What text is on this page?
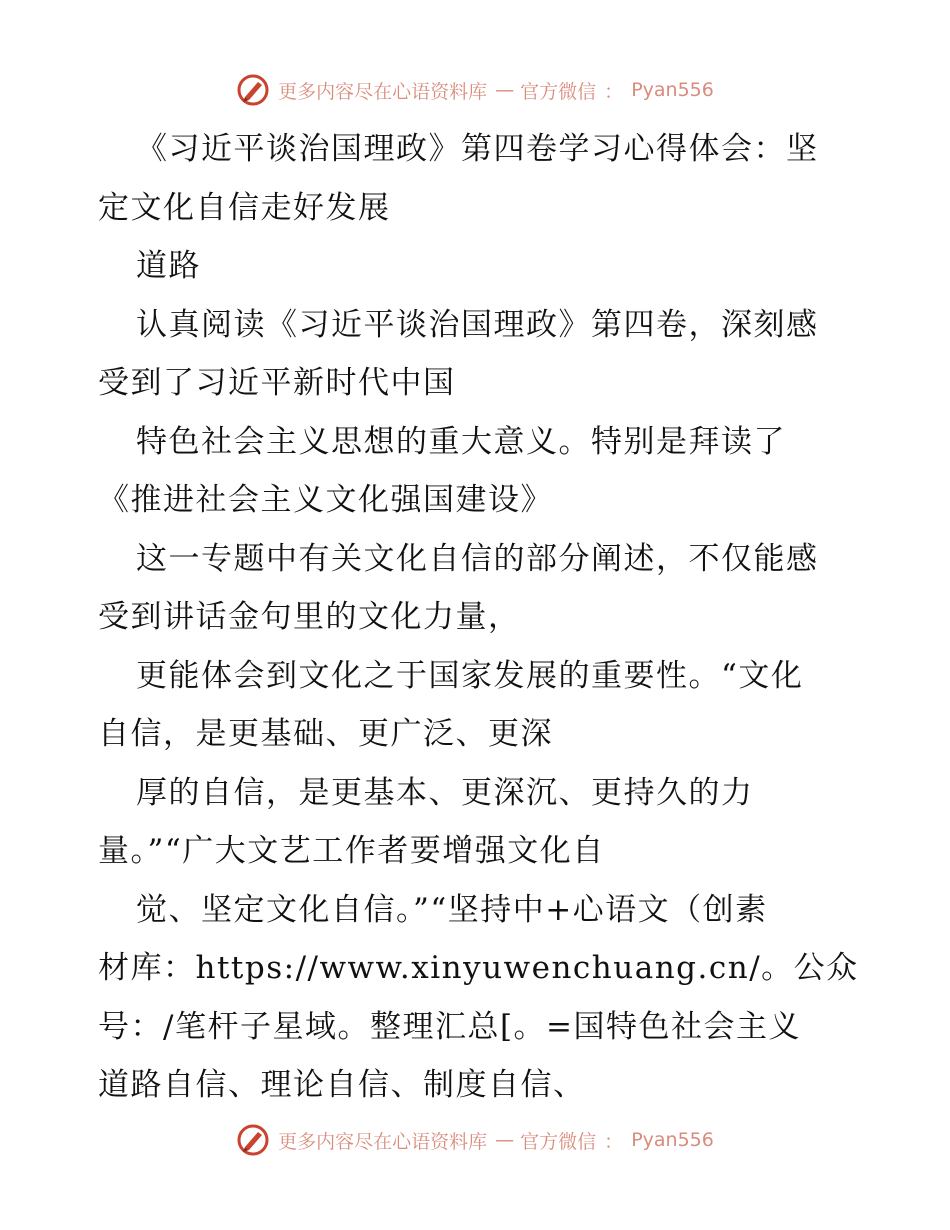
更多内容尽在心语资料库 — 官方微信 ： Pyan556
《习近平谈治国理政》第四卷学习心得体会：坚
定文化自信走好发展
道路
认真阅读《习近平谈治国理政》第四卷，深刻感
受到了习近平新时代中国
特色社会主义思想的重大意义。特别是拜读了
《推进社会主义文化强国建设》
这一专题中有关文化自信的部分阐述，不仅能感
受到讲话金句里的文化力量，
更能体会到文化之于国家发展的重要性。“文化
自信，是更基础、更广泛、更深
厚的自信，是更基本、更深沉、更持久的力
量。”“广大文艺工作者要增强文化自
觉、坚定文化自信。”“坚持中+心语文（创素
材库：https://www.xinyuwenchuang.cn/。公众
号：/笔杆子星域。整理汇总[。=国特色社会主义
道路自信、理论自信、制度自信、
更多内容尽在心语资料库 — 官方微信 ： Pyan556
